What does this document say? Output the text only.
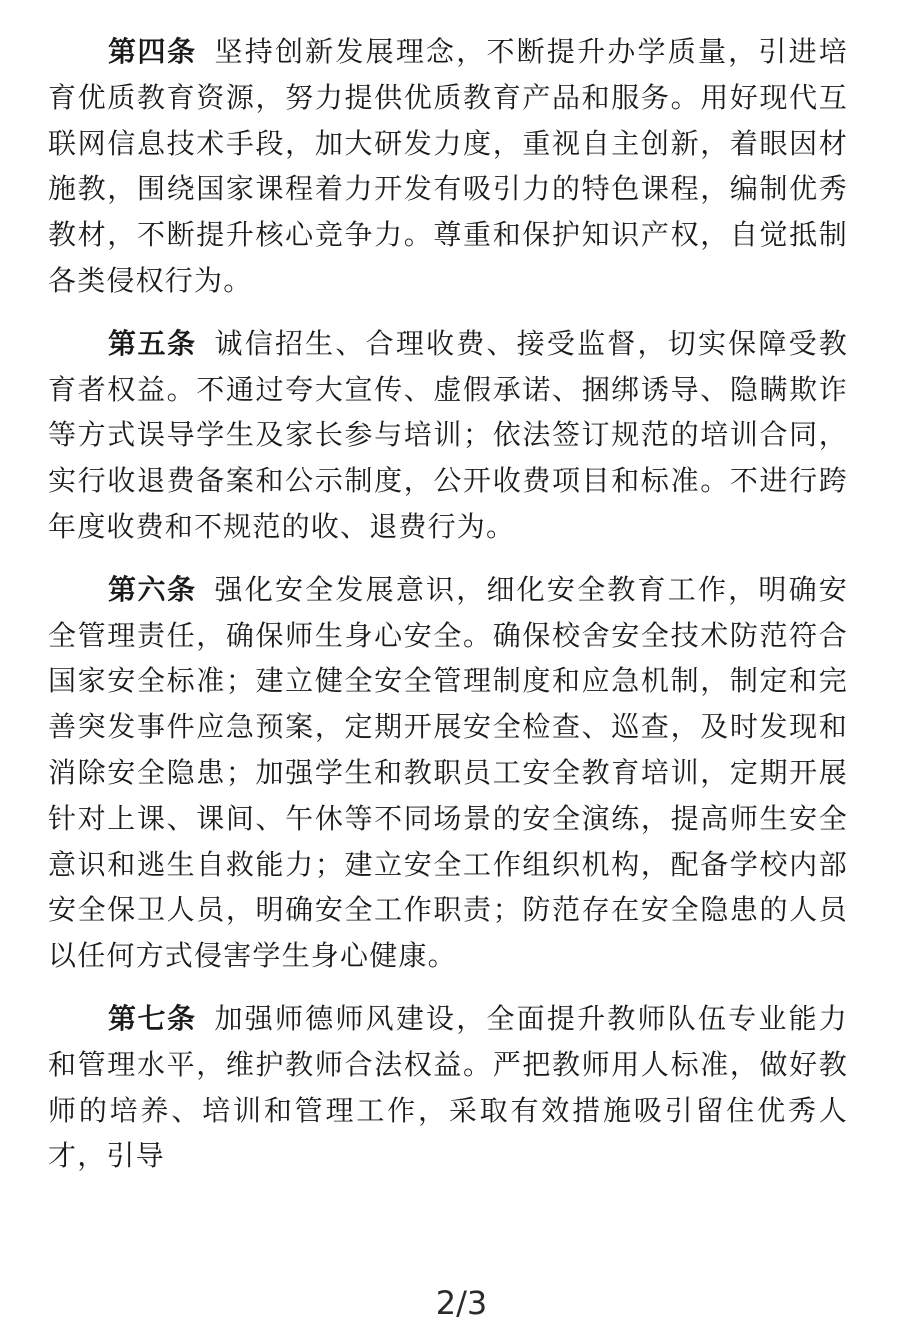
第四条 坚持创新发展理念，不断提升办学质量，引进培育优质教育资源，努力提供优质教育产品和服务。用好现代互联网信息技术手段，加大研发力度，重视自主创新，着眼因材施教，围绕国家课程着力开发有吸引力的特色课程，编制优秀教材，不断提升核心竞争力。尊重和保护知识产权，自觉抵制各类侵权行为。

第五条 诚信招生、合理收费、接受监督，切实保障受教育者权益。不通过夸大宣传、虚假承诺、捆绑诱导、隐瞒欺诈等方式误导学生及家长参与培训；依法签订规范的培训合同，实行收退费备案和公示制度，公开收费项目和标准。不进行跨年度收费和不规范的收、退费行为。

第六条 强化安全发展意识，细化安全教育工作，明确安全管理责任，确保师生身心安全。确保校舍安全技术防范符合国家安全标准；建立健全安全管理制度和应急机制，制定和完善突发事件应急预案，定期开展安全检查、巡查，及时发现和消除安全隐患；加强学生和教职员工安全教育培训，定期开展针对上课、课间、午休等不同场景的安全演练，提高师生安全意识和逃生自救能力；建立安全工作组织机构，配备学校内部安全保卫人员，明确安全工作职责；防范存在安全隐患的人员以任何方式侵害学生身心健康。

第七条 加强师德师风建设，全面提升教师队伍专业能力和管理水平，维护教师合法权益。严把教师用人标准，做好教师的培养、培训和管理工作，采取有效措施吸引留住优秀人才，引导

2/3
